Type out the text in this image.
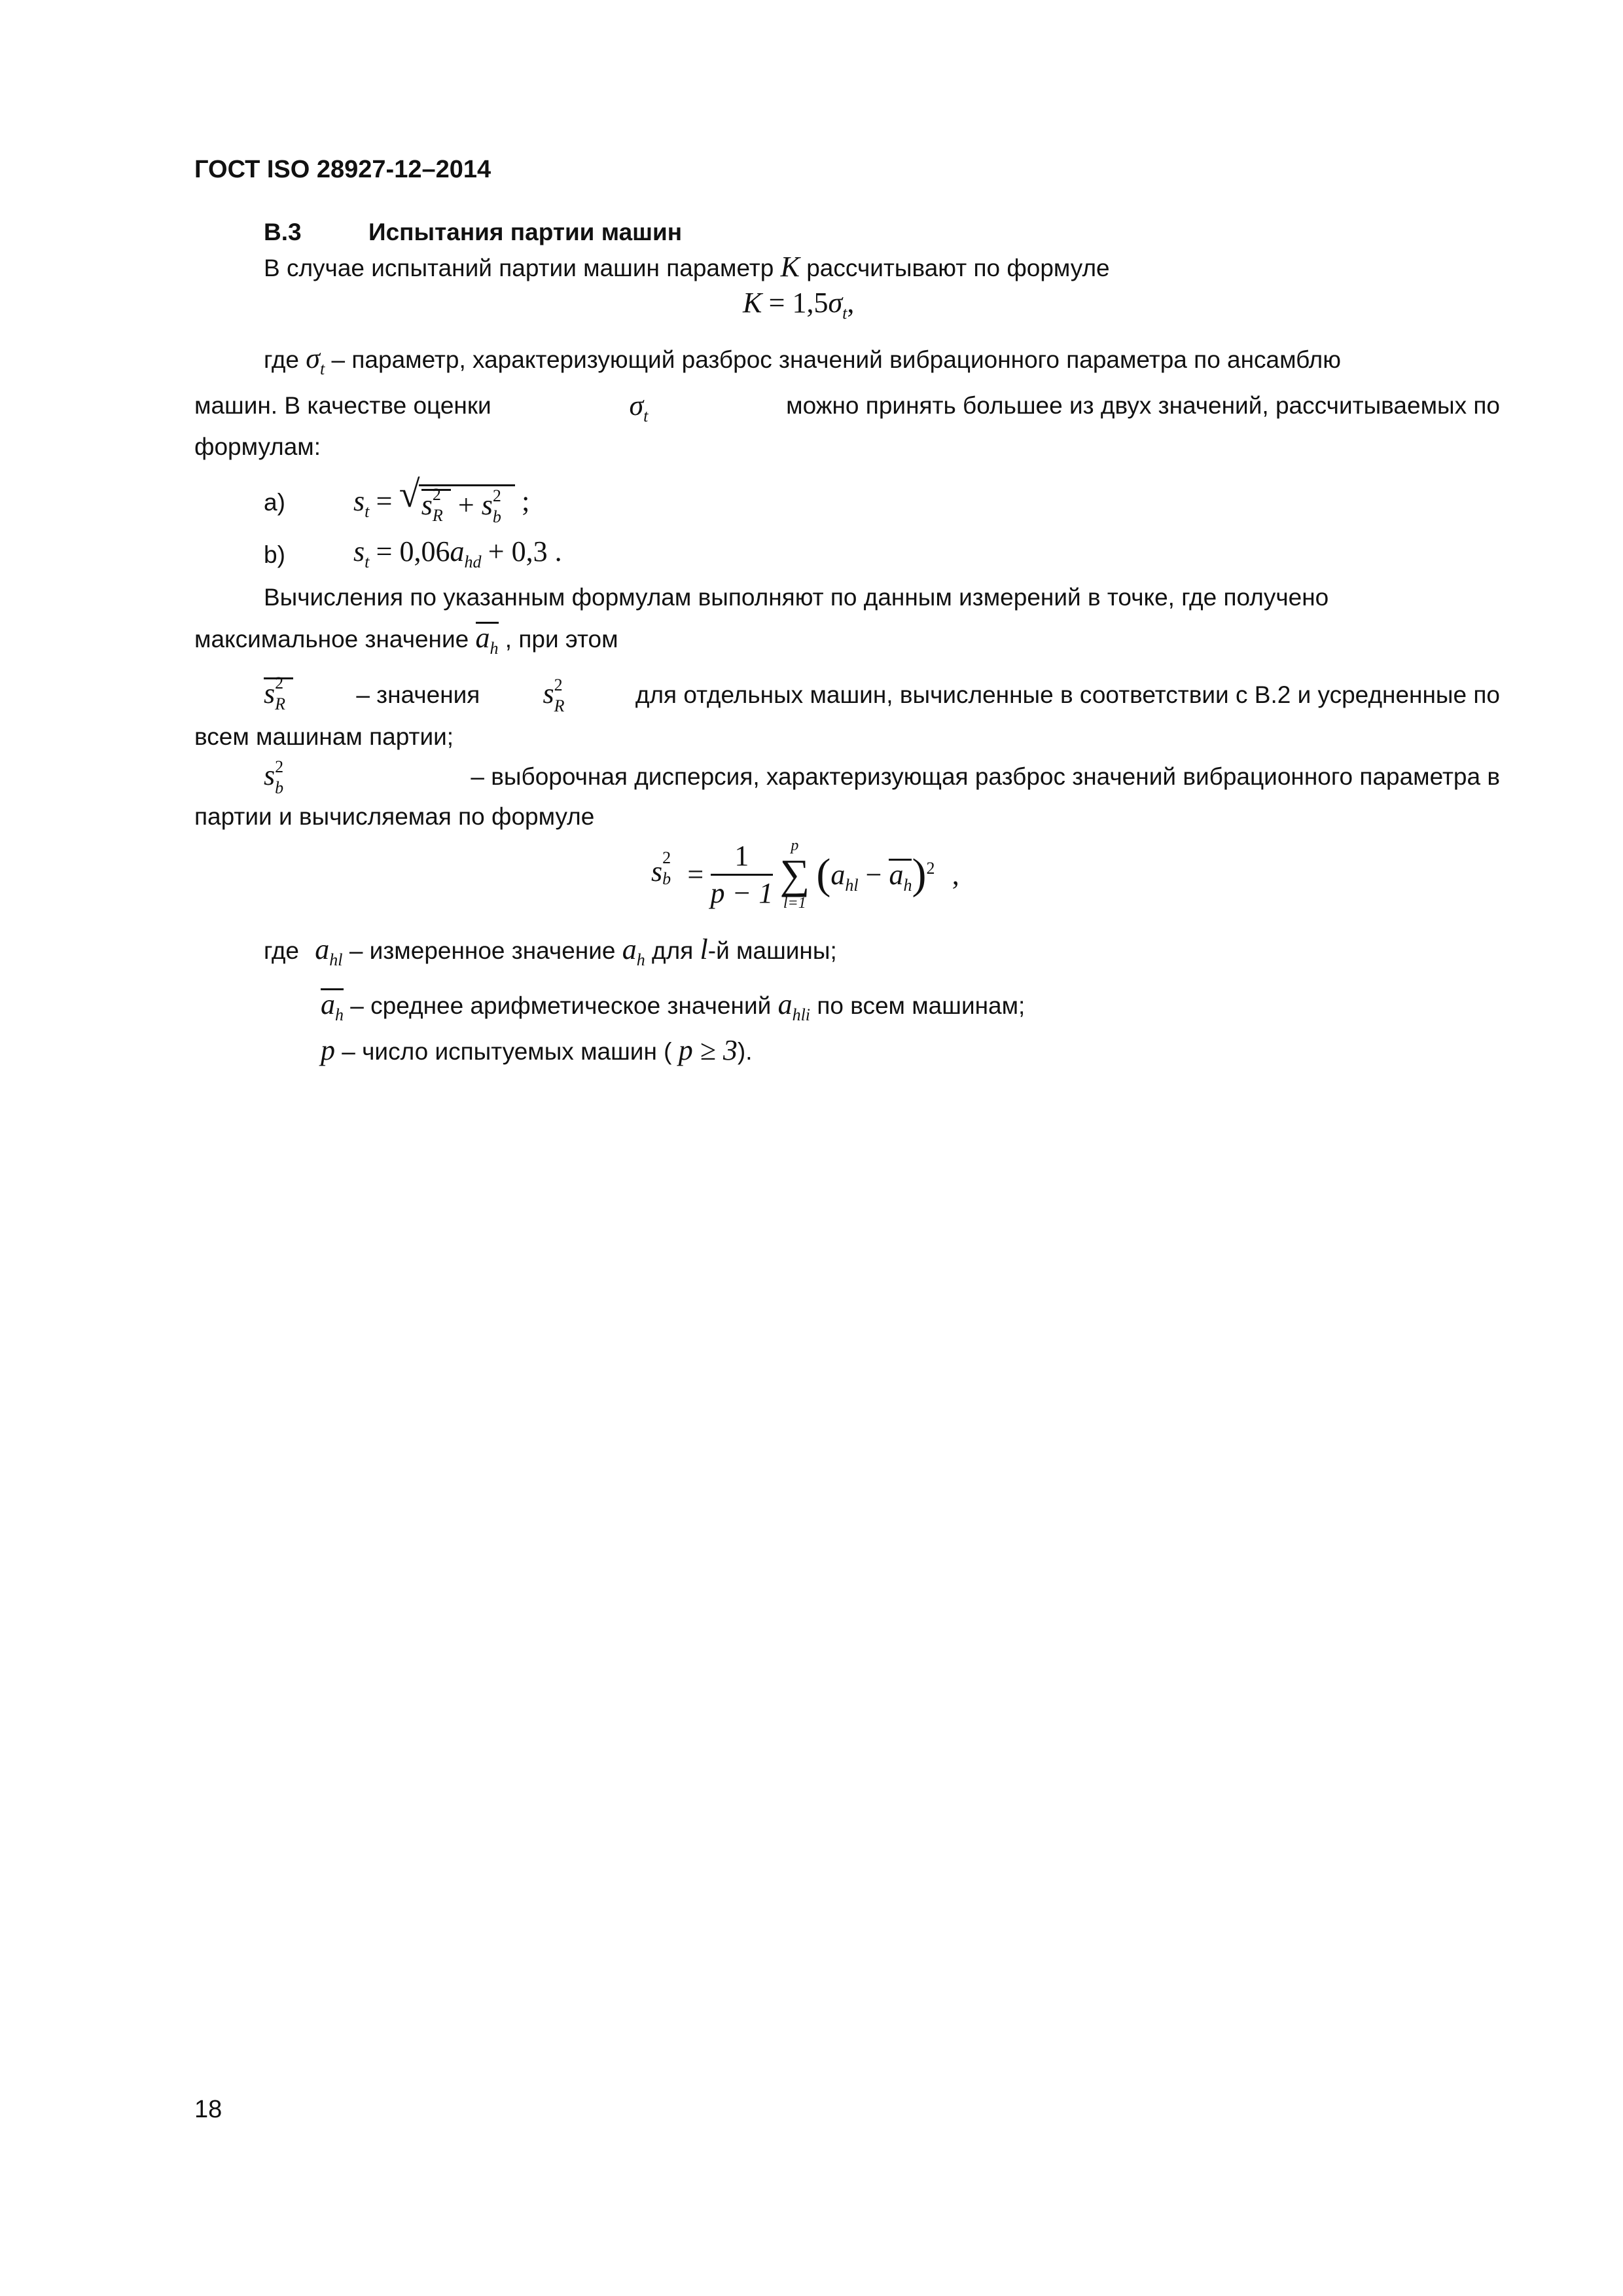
ГОСТ ISO 28927-12–2014
B.3	Испытания партии машин
В случае испытаний партии машин параметр K рассчитывают по формуле
$K = 1,5\sigma_t$,
где $\sigma_t$ – параметр, характеризующий разброс значений вибрационного параметра по ансамблю
машин. В качестве оценки	$\sigma_t$	можно принять большее из двух значений, рассчитываемых по
формулам:
a) $s_t$ = √ s 2
R + s 2
b ;
b) $s_t = 0,06a_{hd} + 0,3$ .
Вычисления по указанным формулам выполняют по данным измерений в точке, где получено
максимальное значение $a_h$ , при этом
s 2
R	– значения s 2
R	для отдельных машин, вычисленные в соответствии с B.2 и усредненные по
всем машинам партии;
s 2
b	– выборочная дисперсия, характеризующая разброс значений вибрационного параметра в
партии и вычисляемая по формуле
s 2
$b = \frac{1}{p - 1}$
	p
∑
l=1
$(a_{hl} - a_h)^2$ ,
где $a_{hl}$ – измеренное значение $a_h$ для l-й машины;
$a_h$ – среднее арифметическое значений $a_{hli}$ по всем машинам;
p – число испытуемых машин ( p ≥ 3).
18
